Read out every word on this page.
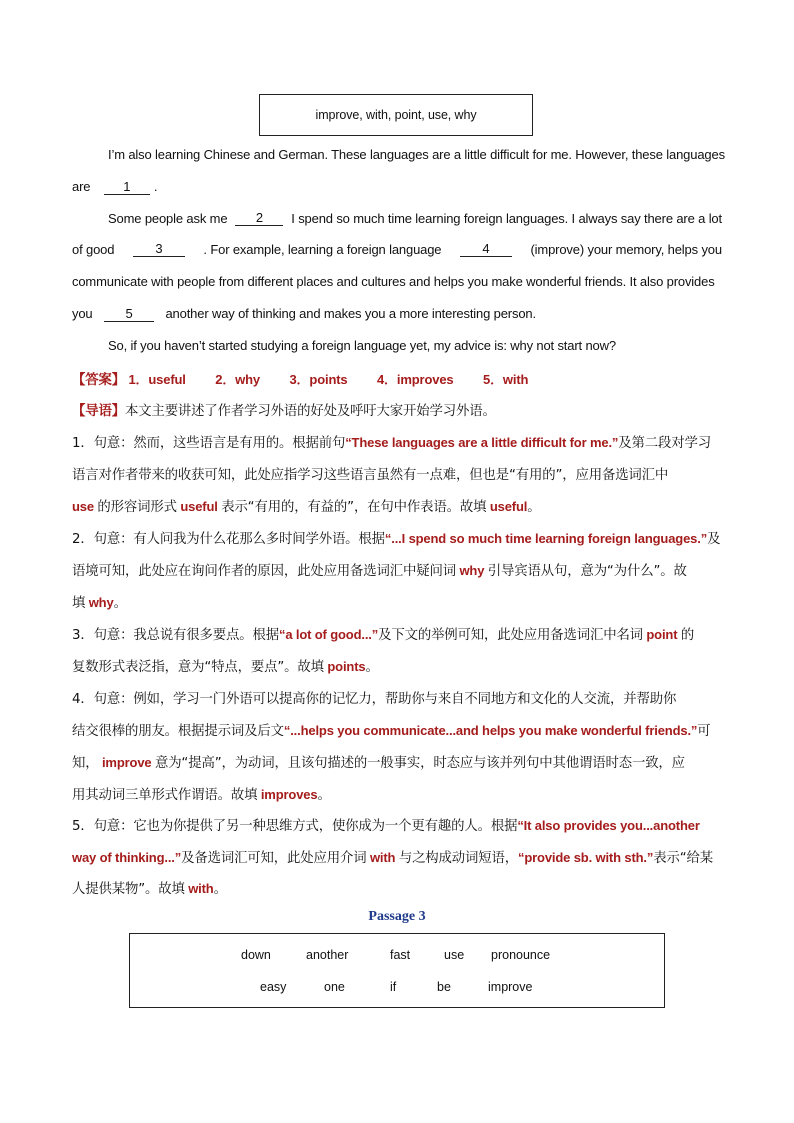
improve, with, point, use, why
I’m also learning Chinese and German. These languages are a little difficult for me. However, these languages
are	1 .
Some people ask me	2	I spend so much time learning foreign languages. I always say there are a lot
of good	3	. For example, learning a foreign language	4	(improve) your memory, helps you
communicate with people from different places and cultures and helps you make wonderful friends. It also provides
you	5	another way of thinking and makes you a more interesting person.
So, if you haven’t started studying a foreign language yet, my advice is: why not start now?
【答案】 1．useful 2．why 3．points 4．improves 5．with
【导语】本文主要讲述了作者学习外语的好处及呼吁大家开始学习外语。
1．句意：然而，这些语言是有用的。根据前句“These languages are a little difficult for me.”及第二段对学习
语言对作者带来的收获可知，此处应指学习这些语言虽然有一点难，但也是“有用的”，应用备选词汇中
use 的形容词形式 useful 表示“有用的，有益的”，在句中作表语。故填 useful。
2．句意：有人问我为什么花那么多时间学外语。根据“...I spend so much time learning foreign languages.”及
语境可知，此处应在询问作者的原因，此处应用备选词汇中疑问词 why 引导宾语从句，意为“为什么”。故
填 why。
3．句意：我总说有很多要点。根据“a lot of good...”及下文的举例可知，此处应用备选词汇中名词 point 的
复数形式表泛指，意为“特点，要点”。故填 points。
4．句意：例如，学习一门外语可以提高你的记忆力，帮助你与来自不同地方和文化的人交流，并帮助你
结交很棒的朋友。根据提示词及后文“...helps you communicate...and helps you make wonderful friends.”可
知， improve 意为“提高”，为动词，且该句描述的一般事实，时态应与该并列句中其他谓语时态一致，应
用其动词三单形式作谓语。故填 improves。
5．句意：它也为你提供了另一种思维方式，使你成为一个更有趣的人。根据“It also provides you...another
way of thinking...”及备选词汇可知，此处应用介词 with 与之构成动词短语，“provide sb. with sth.”表示“给某
人提供某物”。故填 with。
Passage 3
down	another	fast	use pronounce
easy	one	if	be	improve
